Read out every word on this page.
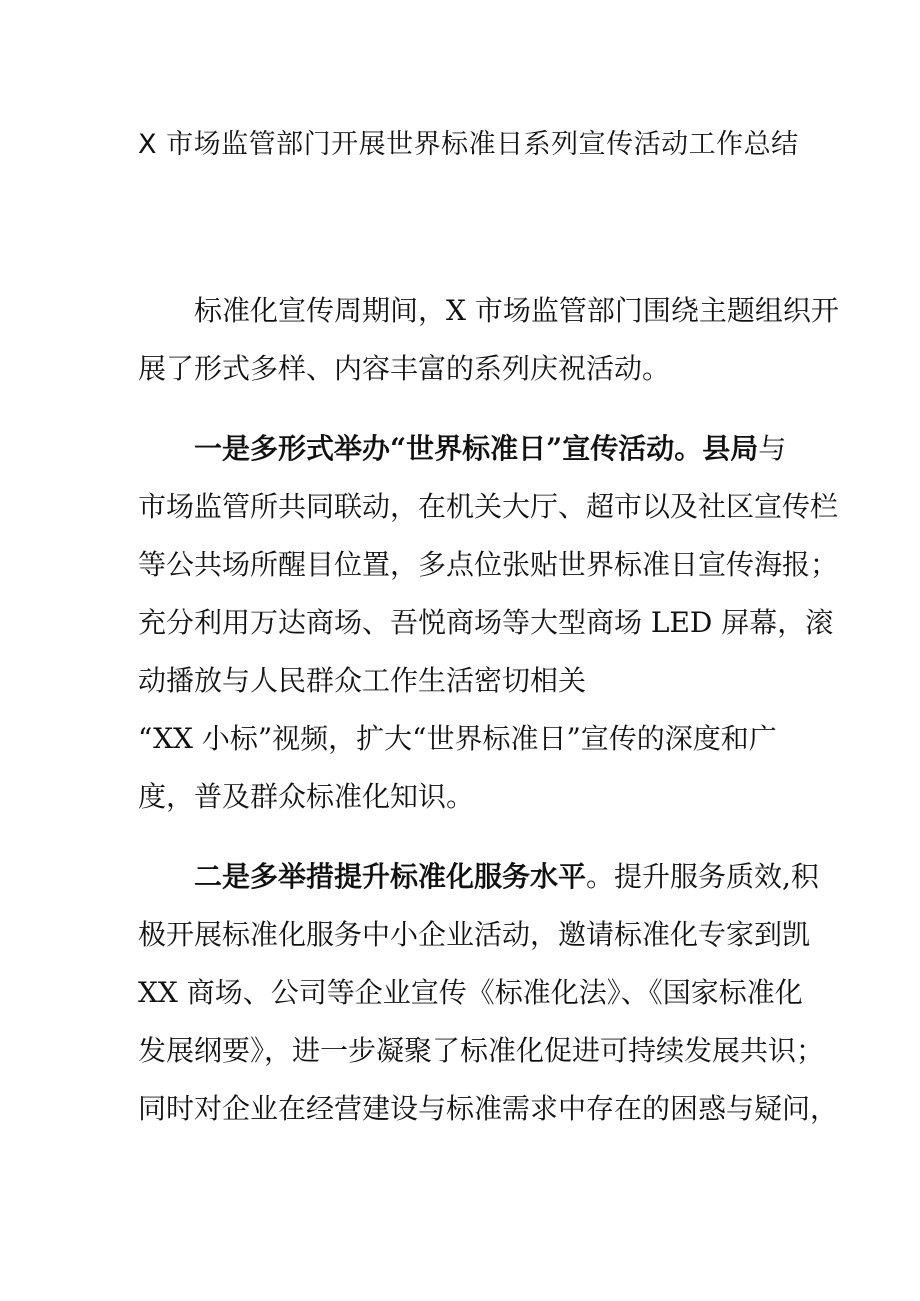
X 市场监管部门开展世界标准日系列宣传活动工作总结
标准化宣传周期间，X 市场监管部门围绕主题组织开
展了形式多样、内容丰富的系列庆祝活动。
一是多形式举办“世界标准日”宣传活动。县局与
市场监管所共同联动，在机关大厅、超市以及社区宣传栏
等公共场所醒目位置，多点位张贴世界标准日宣传海报；
充分利用万达商场、吾悦商场等大型商场 LED 屏幕，滚
动播放与人民群众工作生活密切相关
“XX 小标”视频，扩大“世界标准日”宣传的深度和广
度，普及群众标准化知识。
二是多举措提升标准化服务水平。提升服务质效,积
极开展标准化服务中小企业活动，邀请标准化专家到凯
XX 商场、公司等企业宣传《标准化法》、《国家标准化
发展纲要》，进一步凝聚了标准化促进可持续发展共识；
同时对企业在经营建设与标准需求中存在的困惑与疑问，
